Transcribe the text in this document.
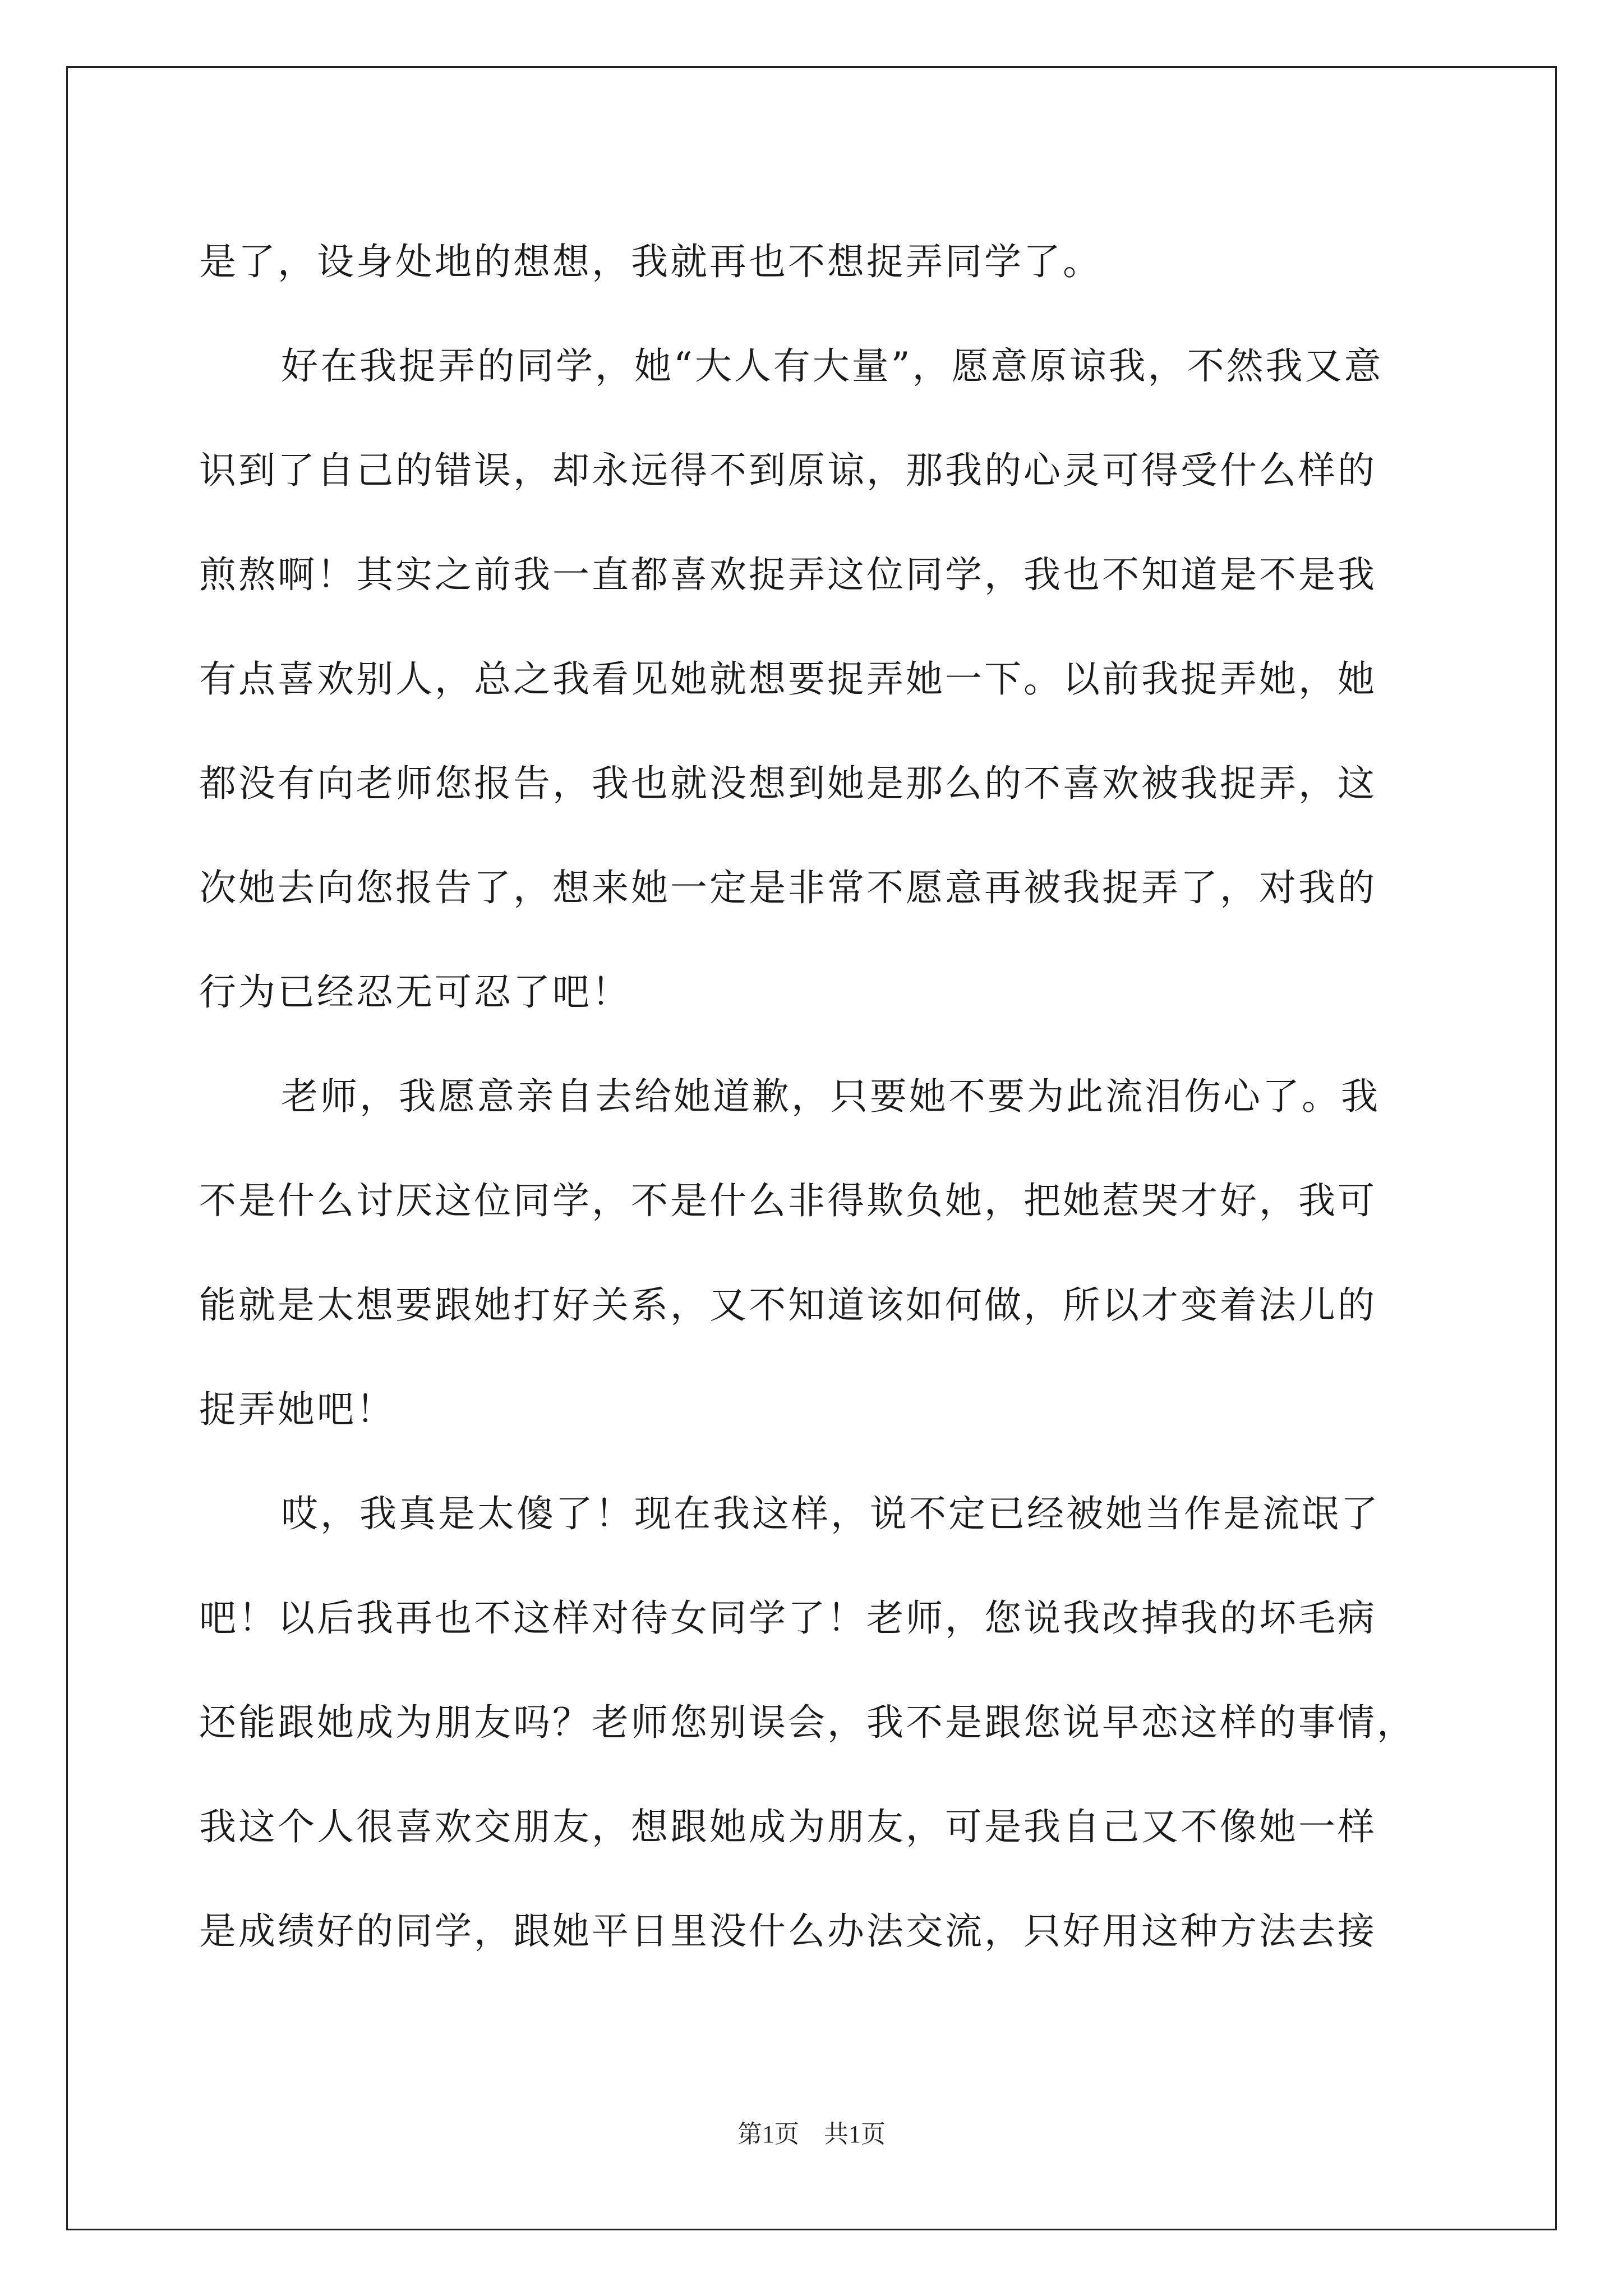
是了，设身处地的想想，我就再也不想捉弄同学了。
好在我捉弄的同学，她“大人有大量”，愿意原谅我，不然我又意
识到了自己的错误，却永远得不到原谅，那我的心灵可得受什么样的
煎熬啊！其实之前我一直都喜欢捉弄这位同学，我也不知道是不是我
有点喜欢别人，总之我看见她就想要捉弄她一下。以前我捉弄她，她
都没有向老师您报告，我也就没想到她是那么的不喜欢被我捉弄，这
次她去向您报告了，想来她一定是非常不愿意再被我捉弄了，对我的
行为已经忍无可忍了吧！
老师，我愿意亲自去给她道歉，只要她不要为此流泪伤心了。我
不是什么讨厌这位同学，不是什么非得欺负她，把她惹哭才好，我可
能就是太想要跟她打好关系，又不知道该如何做，所以才变着法儿的
捉弄她吧！
哎，我真是太傻了！现在我这样，说不定已经被她当作是流氓了
吧！以后我再也不这样对待女同学了！老师，您说我改掉我的坏毛病
还能跟她成为朋友吗？老师您别误会，我不是跟您说早恋这样的事情，
我这个人很喜欢交朋友，想跟她成为朋友，可是我自己又不像她一样
是成绩好的同学，跟她平日里没什么办法交流，只好用这种方法去接
第1页 共1页
